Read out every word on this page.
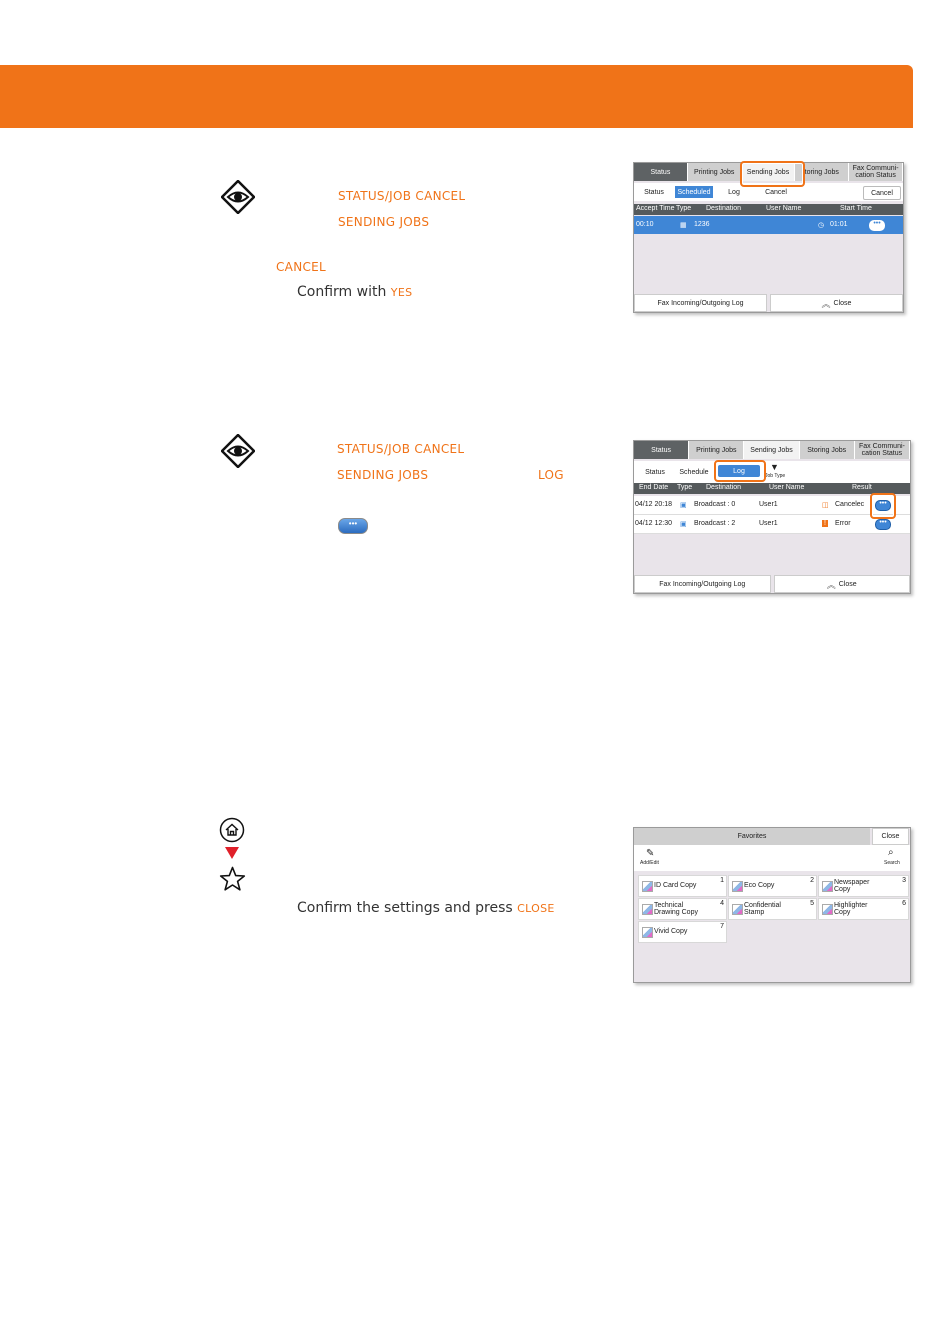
STATUS/JOB CANCEL
SENDING JOBS
CANCEL
Confirm with YES
Status	Printing Jobs	Sending Jobs	toring Jobs	Fax Communi-
cation Status
Status	Scheduled	Log	Cancel	Cancel
Accept Time Type Destination	User Name	Start Time
00:10	▦ 1236	◷ 01:01	•••
Fax Incoming/Outgoing Log	︽ Close
STATUS/JOB CANCEL
SENDING JOBS	LOG
•••
Status	Printing Jobs	Sending Jobs	Storing Jobs	Fax Communi-
cation Status
Status	Schedule	Log	▼
Job Type
End Date Type Destination	User Name	Result
04/12 20:18 ▣ Broadcast : 0	User1	◫ Cancelec	•••
04/12 12:30 ▣ Broadcast : 2	User1	! Error	•••
Fax Incoming/Outgoing Log	︽ Close
Confirm the settings and press CLOSE
Favorites	Close
✎
Add/Edit
⌕
Search
ID Card Copy
1
Eco Copy
2	Newspaper
Copy
3
Technical
Drawing Copy
4	Confidential
Stamp
5	Highlighter
Copy
6
Vivid Copy
7
